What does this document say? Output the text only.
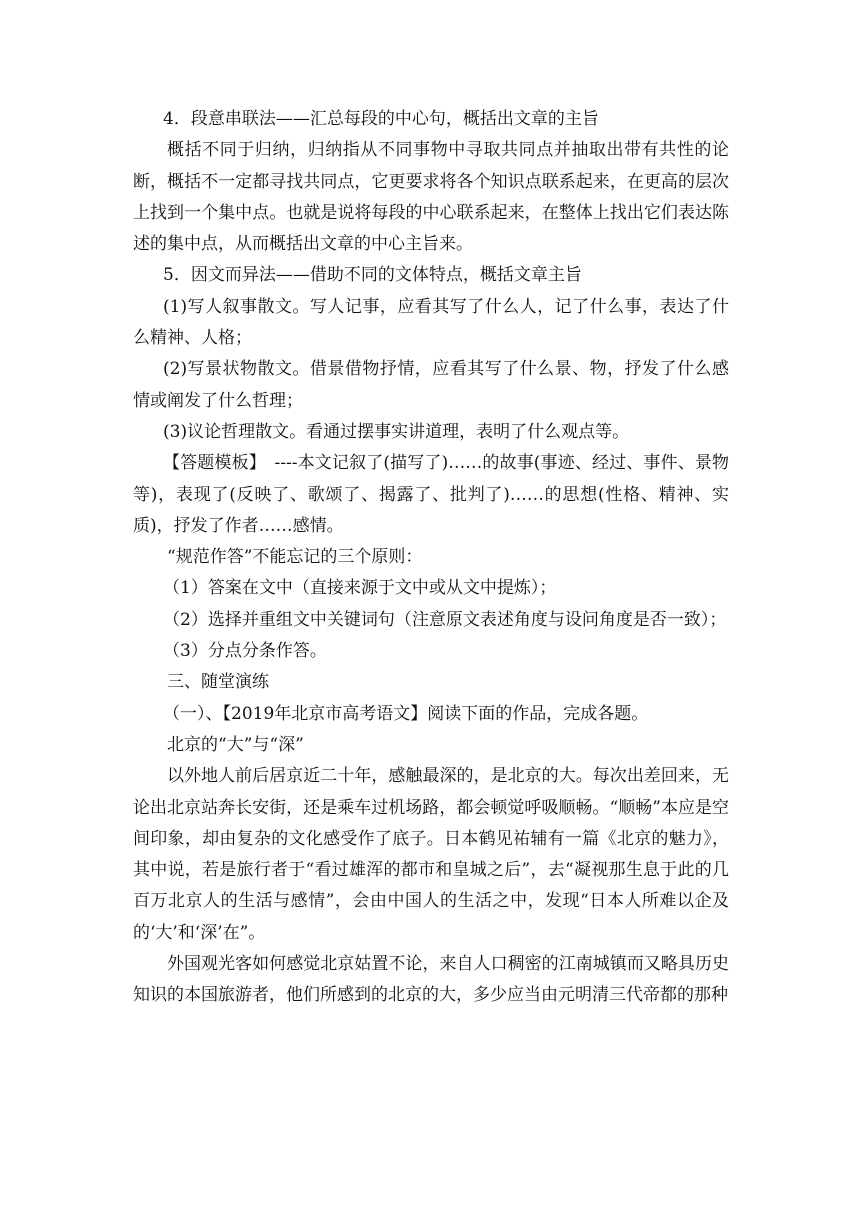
4．段意串联法——汇总每段的中心句，概括出文章的主旨

概括不同于归纳，归纳指从不同事物中寻取共同点并抽取出带有共性的论断，概括不一定都寻找共同点，它更要求将各个知识点联系起来，在更高的层次上找到一个集中点。也就是说将每段的中心联系起来，在整体上找出它们表达陈述的集中点，从而概括出文章的中心主旨来。

5．因文而异法——借助不同的文体特点，概括文章主旨

(1)写人叙事散文。写人记事，应看其写了什么人，记了什么事，表达了什么精神、人格；

(2)写景状物散文。借景借物抒情，应看其写了什么景、物，抒发了什么感情或阐发了什么哲理；

(3)议论哲理散文。看通过摆事实讲道理，表明了什么观点等。

【答题模板】　----本文记叙了(描写了)……的故事(事迹、经过、事件、景物等)，表现了(反映了、歌颂了、揭露了、批判了)……的思想(性格、精神、实质)，抒发了作者……感情。

“规范作答”不能忘记的三个原则：

（1）答案在文中（直接来源于文中或从文中提炼）；

（2）选择并重组文中关键词句（注意原文表述角度与设问角度是否一致）；

（3）分点分条作答。

三、随堂演练

（一）、【2019年北京市高考语文】阅读下面的作品，完成各题。

北京的“大”与“深”

以外地人前后居京近二十年，感触最深的，是北京的大。每次出差回来，无论出北京站奔长安街，还是乘车过机场路，都会顿觉呼吸顺畅。“顺畅”本应是空间印象，却由复杂的文化感受作了底子。日本鹤见祐辅有一篇《北京的魅力》，其中说，若是旅行者于“看过雄浑的都市和皇城之后”，去“凝视那生息于此的几百万北京人的生活与感情”，会由中国人的生活之中，发现“日本人所难以企及的‘大’和‘深’在”。

外国观光客如何感觉北京姑置不论，来自人口稠密的江南城镇而又略具历史知识的本国旅游者，他们所感到的北京的大，多少应当由元明清三代帝都的那种
